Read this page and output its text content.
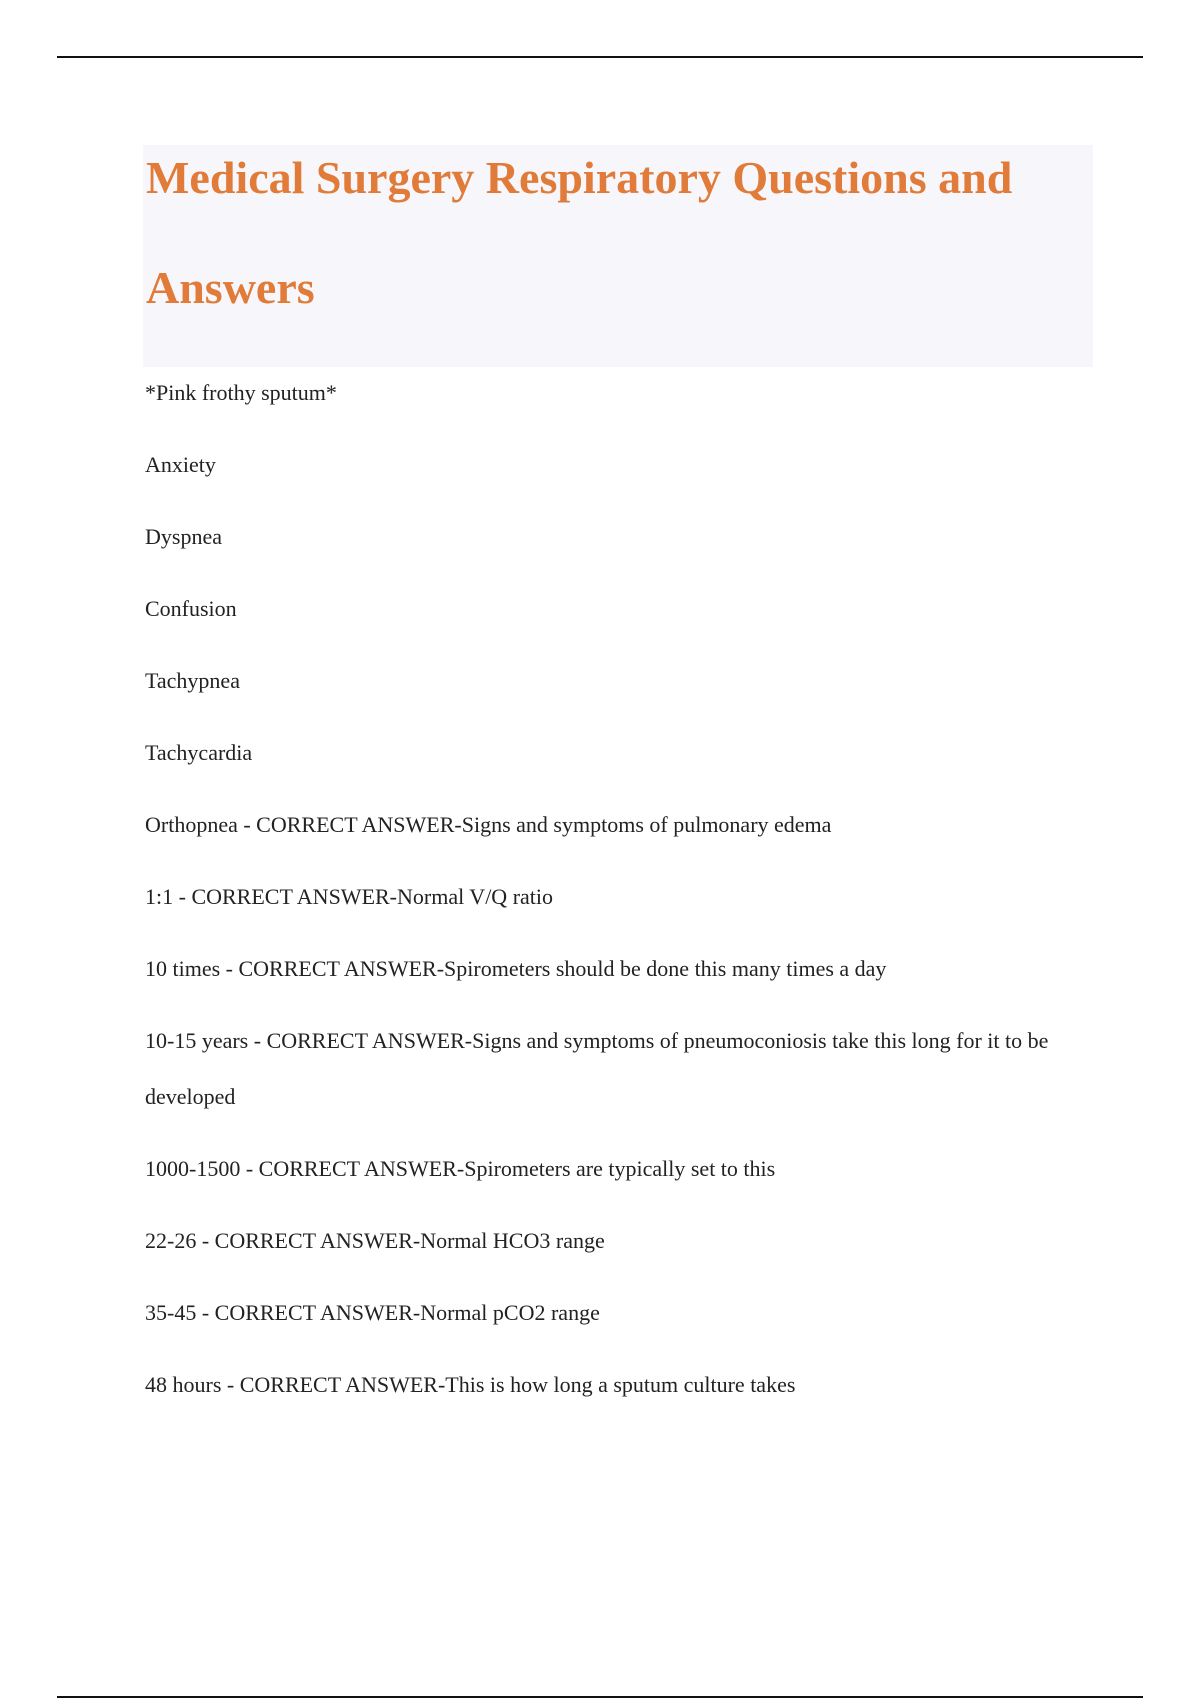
Medical Surgery Respiratory Questions and
Answers
*Pink frothy sputum*
Anxiety
Dyspnea
Confusion
Tachypnea
Tachycardia
Orthopnea - CORRECT ANSWER-Signs and symptoms of pulmonary edema
1:1 - CORRECT ANSWER-Normal V/Q ratio
10 times - CORRECT ANSWER-Spirometers should be done this many times a day
10-15 years - CORRECT ANSWER-Signs and symptoms of pneumoconiosis take this long for it to be developed
1000-1500 - CORRECT ANSWER-Spirometers are typically set to this
22-26 - CORRECT ANSWER-Normal HCO3 range
35-45 - CORRECT ANSWER-Normal pCO2 range
48 hours - CORRECT ANSWER-This is how long a sputum culture takes
